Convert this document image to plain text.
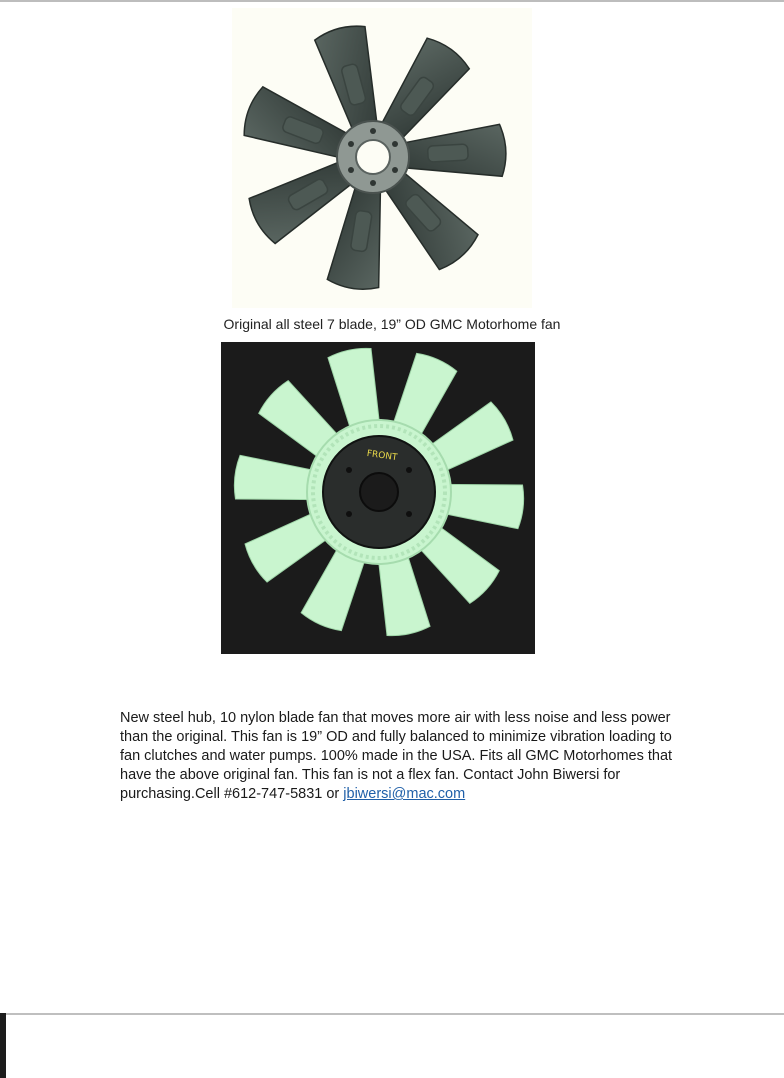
Original all steel 7 blade, 19” OD GMC Motorhome fan
FRONT
New steel hub, 10 nylon blade fan that moves more air with less noise and less power than the original. This fan is 19” OD and fully balanced to minimize vibration loading to fan clutches and water pumps. 100% made in the USA. Fits all GMC Motorhomes that have the above original fan. This fan is not a flex fan. Contact John Biwersi for purchasing.Cell #612-747-5831 or jbiwersi@mac.com
